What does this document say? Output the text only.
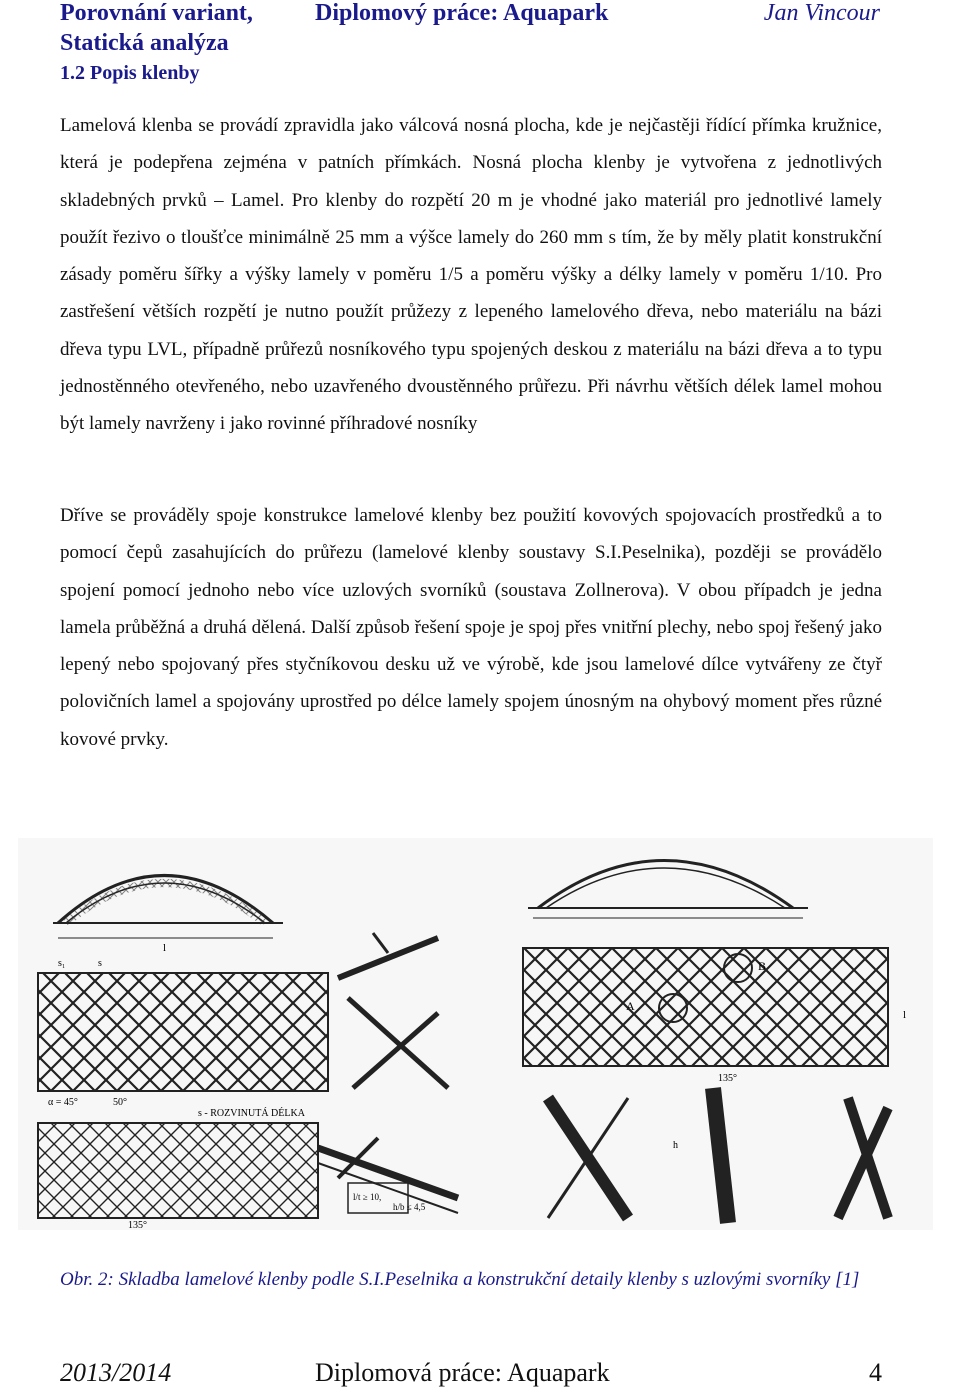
Porovnání variant,
Statická analýza
1.2 Popis klenby
Diplomový práce: Aquapark	Jan Vincour
Lamelová klenba se provádí zpravidla jako válcová nosná plocha, kde je nejčastěji řídící přímka kružnice, která je podepřena zejména v patních přímkách. Nosná plocha klenby je vytvořena z jednotlivých skladebných prvků – Lamel. Pro klenby do rozpětí 20 m je vhodné jako materiál pro jednotlivé lamely použít řezivo o tloušťce minimálně 25 mm a výšce lamely do 260 mm s tím, že by měly platit konstrukční zásady poměru šířky a výšky lamely v poměru 1/5 a poměru výšky a délky lamely v poměru 1/10. Pro zastřešení větších rozpětí je nutno použít průžezy z lepeného lamelového dřeva, nebo materiálu na bázi dřeva typu LVL, případně průřezů nosníkového typu spojených deskou z materiálu na bázi dřeva a to typu jednostěnného otevřeného, nebo uzavřeného dvoustěnného průřezu. Při návrhu větších délek lamel mohou být lamely navrženy i jako rovinné příhradové nosníky
Dříve se prováděly spoje konstrukce lamelové klenby bez použití kovových spojovacích prostředků a to pomocí čepů zasahujících do průřezu (lamelové klenby soustavy S.I.Peselnika), později se provádělo spojení pomocí jednoho nebo více uzlových svorníků (soustava Zollnerova). V obou případch je jedna lamela průběžná a druhá dělená. Další způsob řešení spoje je spoj přes vnitřní plechy, nebo spoj řešený jako lepený nebo spojovaný přes styčníkovou desku už ve výrobě, kde jsou lamelové dílce vytvářeny ze čtyř polovičních lamel a spojovány uprostřed po délce lamely spojem únosným na ohybový moment přes různé kovové prvky.
l
s₁	s
α = 45°	50°
s - ROZVINUTÁ DÉLKA
135°
l/t ≥ 10,
h/b ≤ 4,5
A
B
135°
l
h
Obr. 2: Skladba lamelové klenby podle S.I.Peselnika a konstrukční detaily klenby s uzlovými svorníky [1]
2013/2014	Diplomová práce: Aquapark	4
